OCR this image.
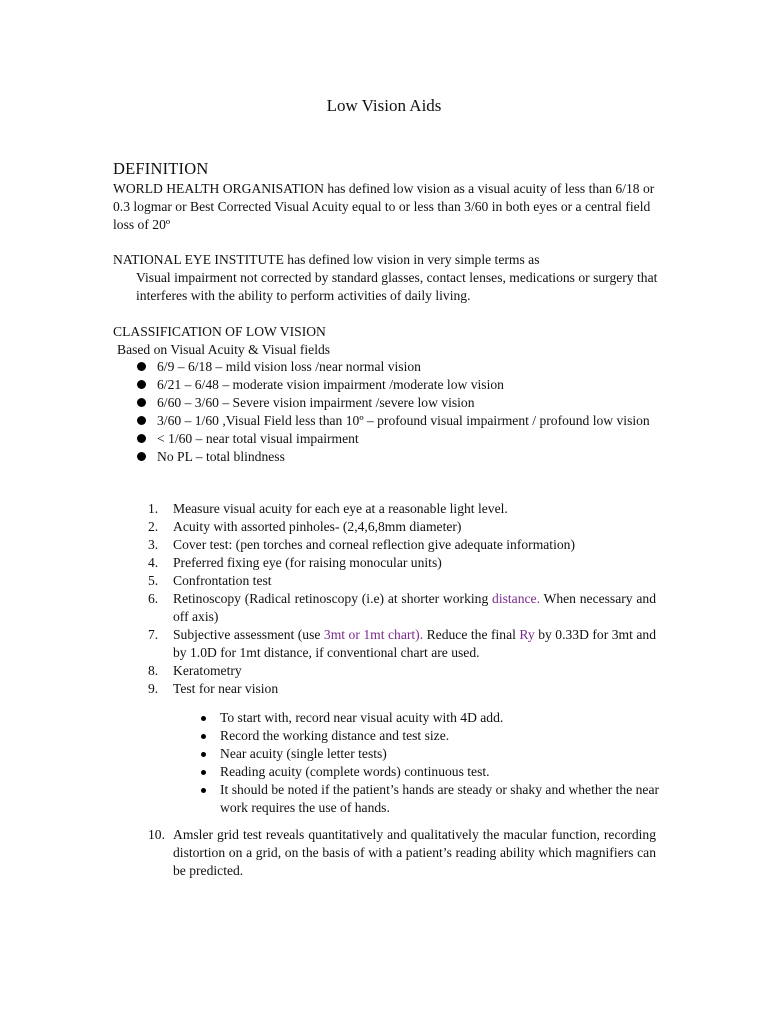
Low Vision Aids
DEFINITION
WORLD HEALTH ORGANISATION has defined low vision as a visual acuity of less than 6/18 or 0.3 logmar or Best Corrected Visual Acuity equal to or less than 3/60 in both eyes or a central field loss of 20º
NATIONAL EYE INSTITUTE has defined low vision in very simple terms as
Visual impairment not corrected by standard glasses, contact lenses, medications or surgery that interferes with the ability to perform activities of daily living.
CLASSIFICATION OF LOW VISION
Based on Visual Acuity & Visual fields
6/9 – 6/18 – mild vision loss /near normal vision
6/21 – 6/48 – moderate vision impairment /moderate low vision
6/60 – 3/60 – Severe vision impairment /severe low vision
3/60 – 1/60 ,Visual Field less than 10º – profound visual impairment / profound low vision
< 1/60 – near total visual impairment
No PL – total blindness
1. Measure visual acuity for each eye at a reasonable light level.
2. Acuity with assorted pinholes- (2,4,6,8mm diameter)
3. Cover test: (pen torches and corneal reflection give adequate information)
4. Preferred fixing eye (for raising monocular units)
5. Confrontation test
6. Retinoscopy (Radical retinoscopy (i.e) at shorter working distance. When necessary and off axis)
7. Subjective assessment (use 3mt or 1mt chart). Reduce the final Ry by 0.33D for 3mt and by 1.0D for 1mt distance, if conventional chart are used.
8. Keratometry
9. Test for near vision
To start with, record near visual acuity with 4D add.
Record the working distance and test size.
Near acuity (single letter tests)
Reading acuity (complete words) continuous test.
It should be noted if the patient’s hands are steady or shaky and whether the near work requires the use of hands.
10. Amsler grid test reveals quantitatively and qualitatively the macular function, recording distortion on a grid, on the basis of with a patient’s reading ability which magnifiers can be predicted.
